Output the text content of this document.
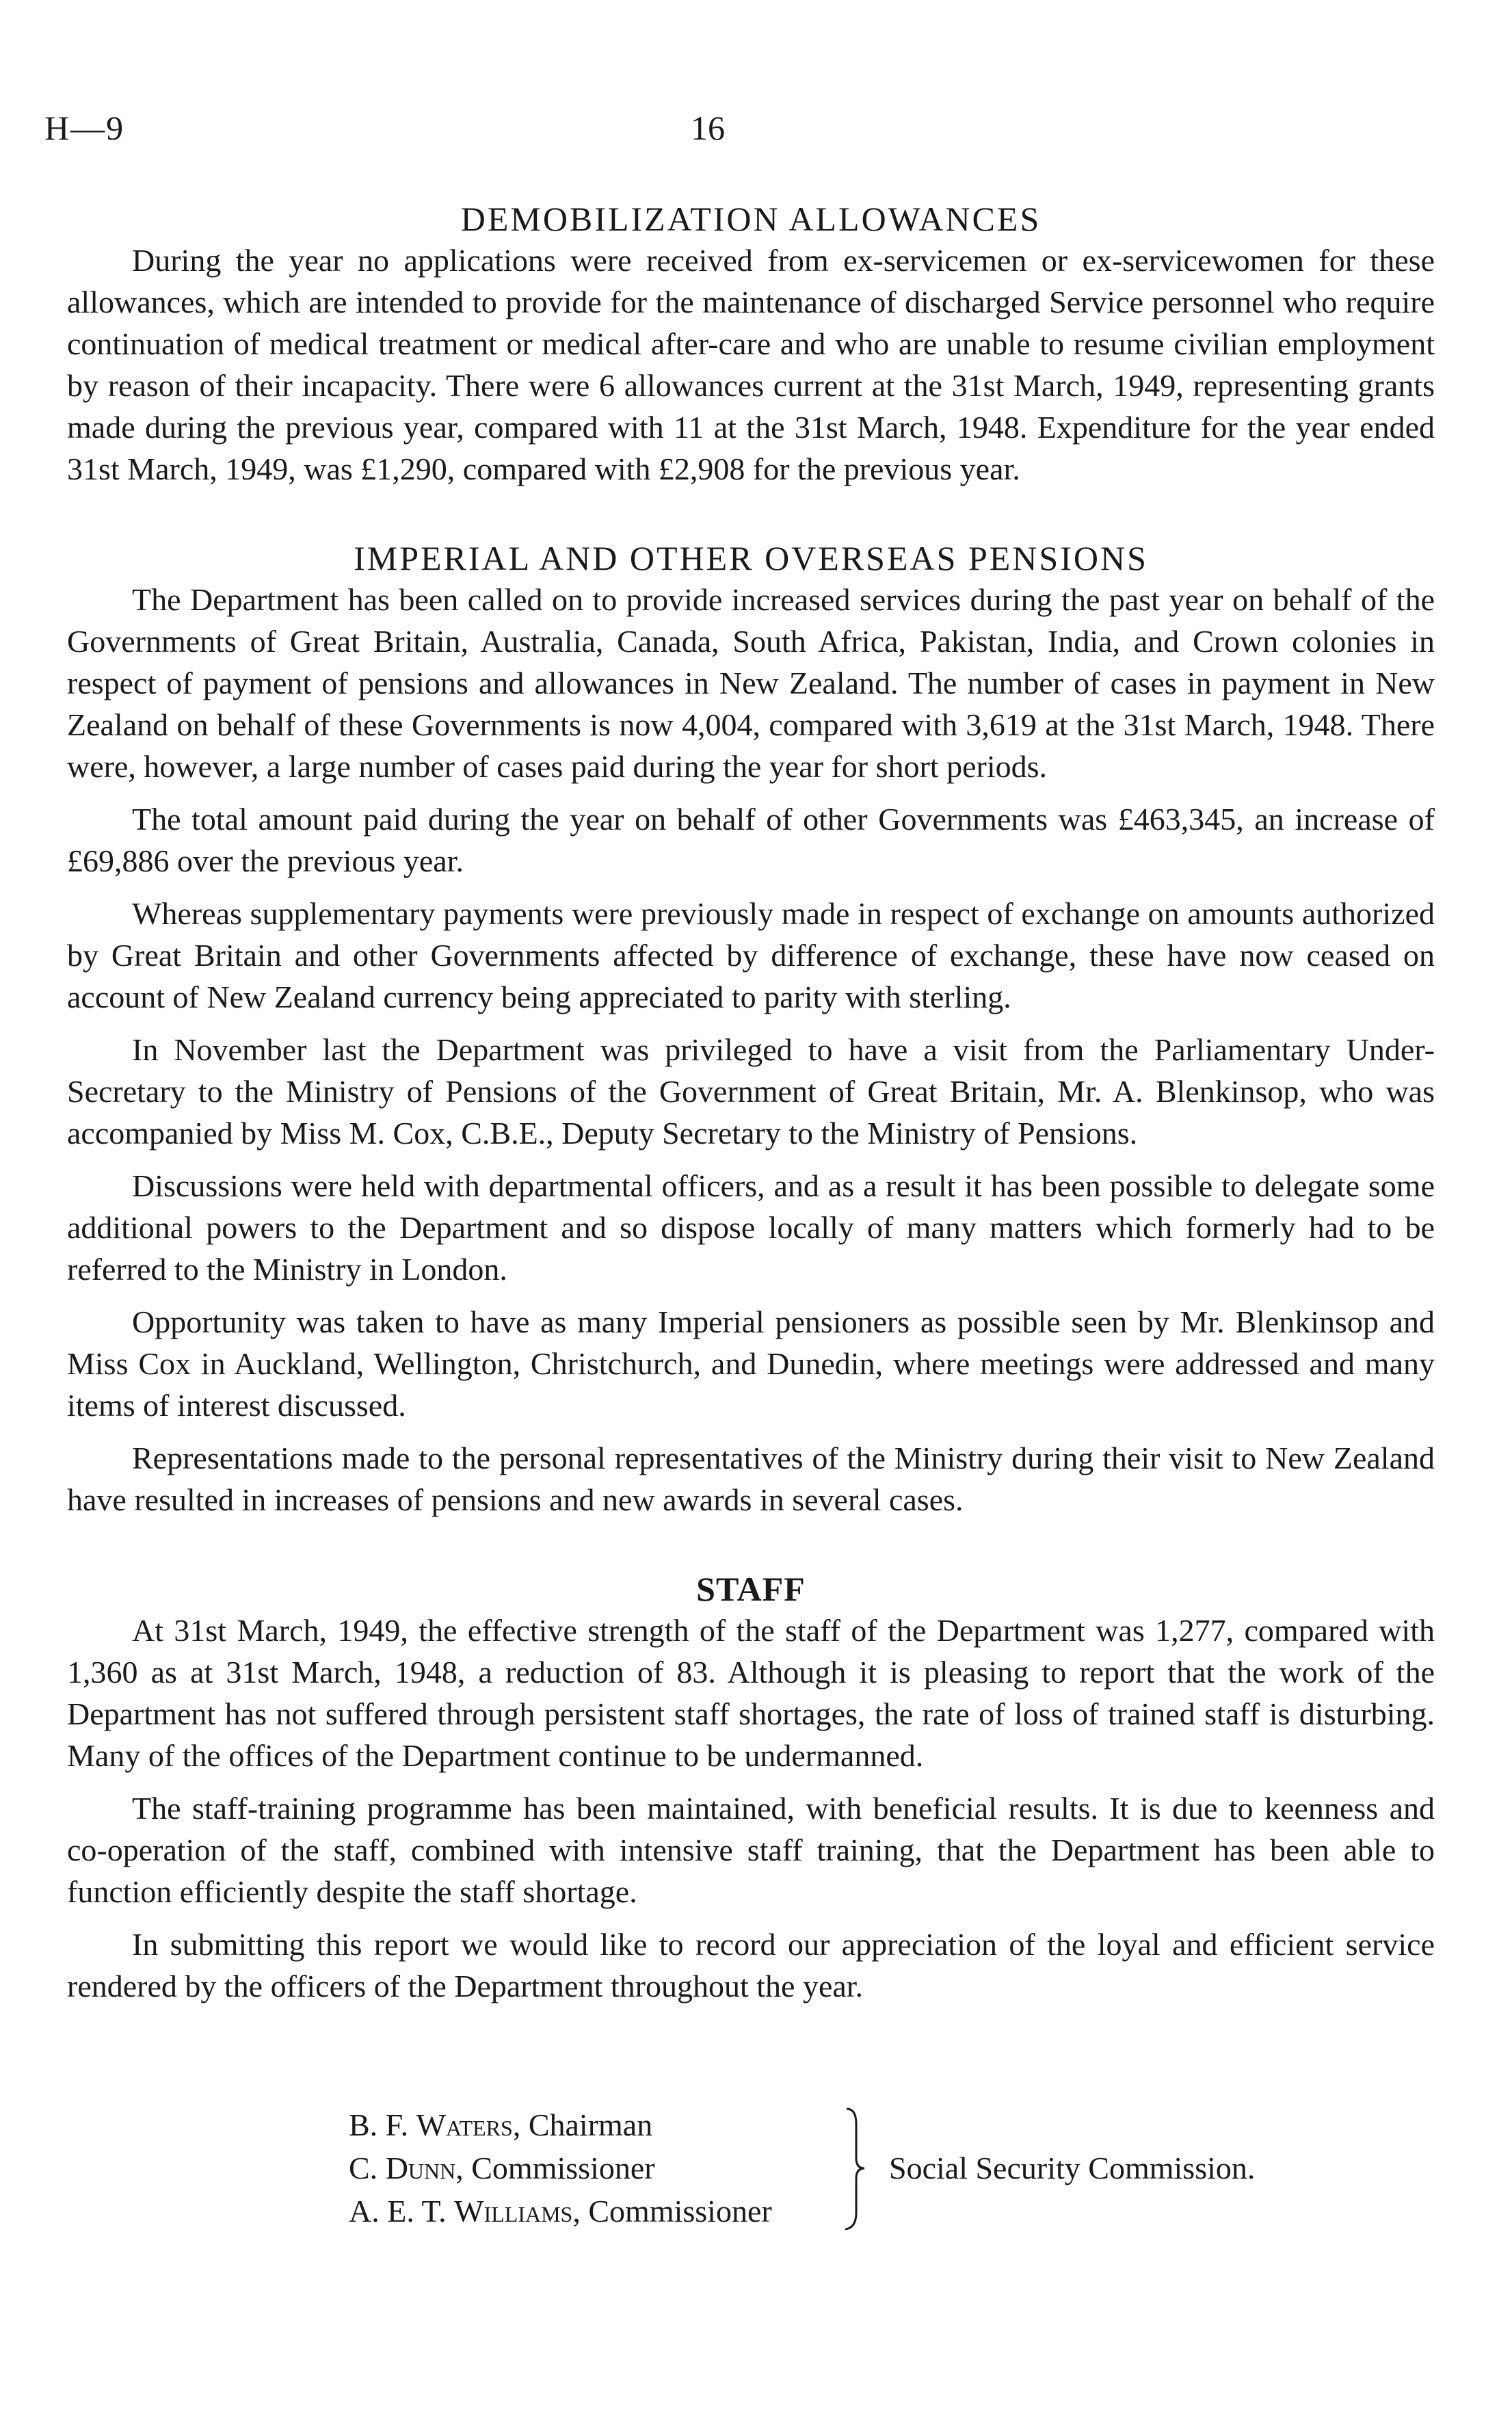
H—9	16
DEMOBILIZATION ALLOWANCES

During the year no applications were received from ex-servicemen or ex-servicewomen for these allowances, which are intended to provide for the maintenance of discharged Service personnel who require continuation of medical treatment or medical after-care and who are unable to resume civilian employment by reason of their incapacity. There were 6 allowances current at the 31st March, 1949, representing grants made during the previous year, compared with 11 at the 31st March, 1948. Expenditure for the year ended 31st March, 1949, was £1,290, compared with £2,908 for the previous year.

IMPERIAL AND OTHER OVERSEAS PENSIONS

The Department has been called on to provide increased services during the past year on behalf of the Governments of Great Britain, Australia, Canada, South Africa, Pakistan, India, and Crown colonies in respect of payment of pensions and allowances in New Zealand. The number of cases in payment in New Zealand on behalf of these Governments is now 4,004, compared with 3,619 at the 31st March, 1948. There were, however, a large number of cases paid during the year for short periods.

The total amount paid during the year on behalf of other Governments was £463,345, an increase of £69,886 over the previous year.

Whereas supplementary payments were previously made in respect of exchange on amounts authorized by Great Britain and other Governments affected by difference of exchange, these have now ceased on account of New Zealand currency being appreciated to parity with sterling.

In November last the Department was privileged to have a visit from the Parliamentary Under-Secretary to the Ministry of Pensions of the Government of Great Britain, Mr. A. Blenkinsop, who was accompanied by Miss M. Cox, C.B.E., Deputy Secretary to the Ministry of Pensions.

Discussions were held with departmental officers, and as a result it has been possible to delegate some additional powers to the Department and so dispose locally of many matters which formerly had to be referred to the Ministry in London.

Opportunity was taken to have as many Imperial pensioners as possible seen by Mr. Blenkinsop and Miss Cox in Auckland, Wellington, Christchurch, and Dunedin, where meetings were addressed and many items of interest discussed.

Representations made to the personal representatives of the Ministry during their visit to New Zealand have resulted in increases of pensions and new awards in several cases.

STAFF

At 31st March, 1949, the effective strength of the staff of the Department was 1,277, compared with 1,360 as at 31st March, 1948, a reduction of 83. Although it is pleasing to report that the work of the Department has not suffered through persistent staff shortages, the rate of loss of trained staff is disturbing. Many of the offices of the Department continue to be undermanned.

The staff-training programme has been maintained, with beneficial results. It is due to keenness and co-operation of the staff, combined with intensive staff training, that the Department has been able to function efficiently despite the staff shortage.

In submitting this report we would like to record our appreciation of the loyal and efficient service rendered by the officers of the Department throughout the year.

B. F. Waters, Chairman
C. Dunn, Commissioner
A. E. T. Williams, Commissioner
Social Security Commission.
